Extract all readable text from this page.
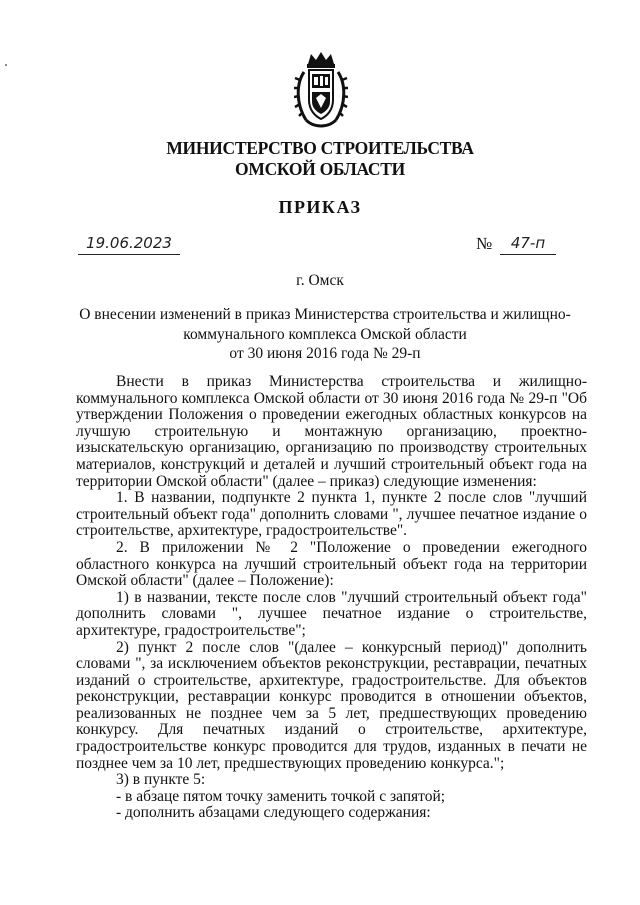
МИНИСТЕРСТВО СТРОИТЕЛЬСТВА
ОМСКОЙ ОБЛАСТИ
ПРИКАЗ
19.06.2023	№	47-п
г. Омск
О внесении изменений в приказ Министерства строительства и жилищно-
коммунального комплекса Омской области
от 30 июня 2016 года № 29-п

Внести в приказ Министерства строительства и жилищно-коммунального комплекса Омской области от 30 июня 2016 года № 29-п "Об утверждении Положения о проведении ежегодных областных конкурсов на лучшую строительную и монтажную организацию, проектно-изыскательскую организацию, организацию по производству строительных материалов, конструкций и деталей и лучший строительный объект года на территории Омской области" (далее – приказ) следующие изменения:

1. В названии, подпункте 2 пункта 1, пункте 2 после слов "лучший строительный объект года" дополнить словами ", лучшее печатное издание о строительстве, архитектуре, градостроительстве".

2. В приложении № 2 "Положение о проведении ежегодного областного конкурса на лучший строительный объект года на территории Омской области" (далее – Положение):

1) в названии, тексте после слов "лучший строительный объект года" дополнить словами ", лучшее печатное издание о строительстве, архитектуре, градостроительстве";

2) пункт 2 после слов "(далее – конкурсный период)" дополнить словами ", за исключением объектов реконструкции, реставрации, печатных изданий о строительстве, архитектуре, градостроительстве. Для объектов реконструкции, реставрации конкурс проводится в отношении объектов, реализованных не позднее чем за 5 лет, предшествующих проведению конкурсу. Для печатных изданий о строительстве, архитектуре, градостроительстве конкурс проводится для трудов, изданных в печати не позднее чем за 10 лет, предшествующих проведению конкурса.";

3) в пункте 5:

- в абзаце пятом точку заменить точкой с запятой;

- дополнить абзацами следующего содержания:
